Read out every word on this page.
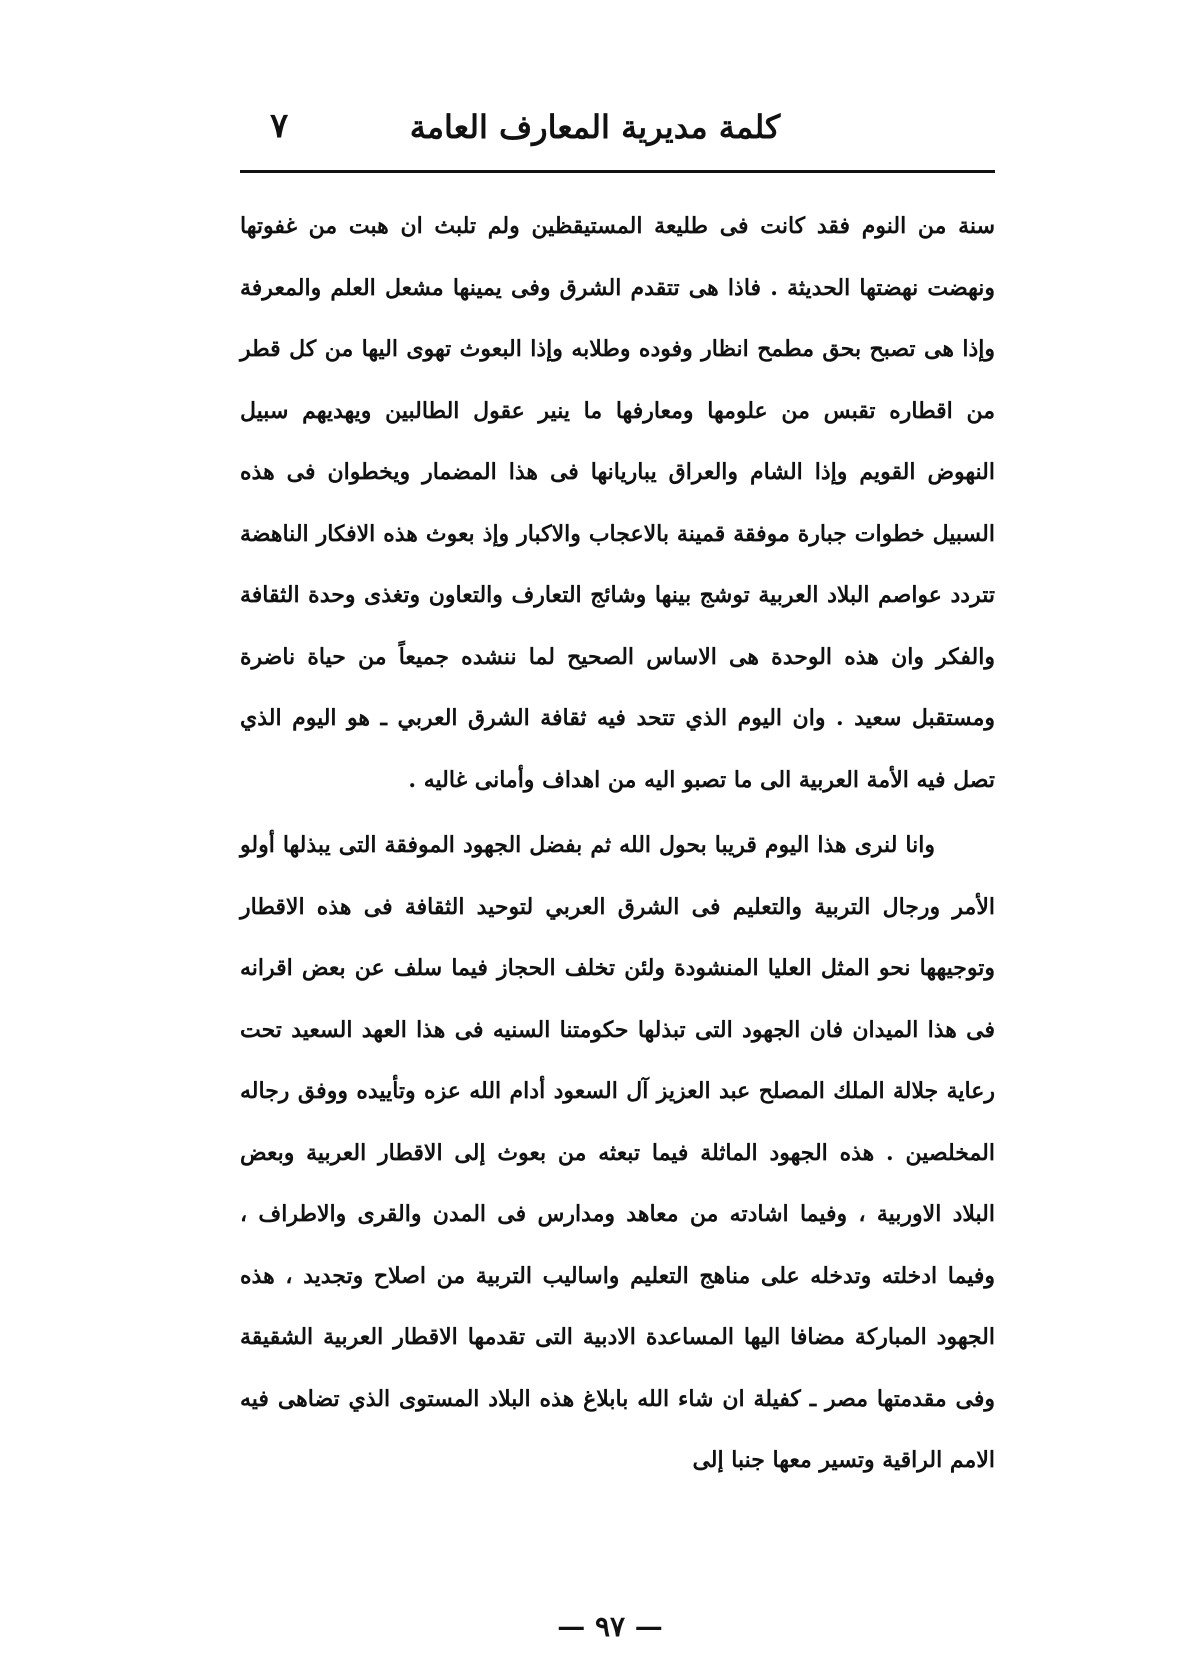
كلمة مديرية المعارف العامة
٧

سنة من النوم فقد كانت فى طليعة المستيقظين ولم تلبث ان هبت من غفوتها ونهضت نهضتها الحديثة . فاذا هى تتقدم الشرق وفى يمينها مشعل العلم والمعرفة وإذا هى تصبح بحق مطمح انظار وفوده وطلابه وإذا البعوث تهوى اليها من كل قطر من اقطاره تقبس من علومها ومعارفها ما ينير عقول الطالبين ويهديهم سبيل النهوض القويم وإذا الشام والعراق يباريانها فى هذا المضمار ويخطوان فى هذه السبيل خطوات جبارة موفقة قمينة بالاعجاب والاكبار وإذ بعوث هذه الافكار الناهضة تتردد عواصم البلاد العربية توشج بينها وشائج التعارف والتعاون وتغذى وحدة الثقافة والفكر وان هذه الوحدة هى الاساس الصحيح لما ننشده جميعاً من حياة ناضرة ومستقبل سعيد . وان اليوم الذي تتحد فيه ثقافة الشرق العربي ـ هو اليوم الذي تصل فيه الأمة العربية الى ما تصبو اليه من اهداف وأمانى غاليه .

وانا لنرى هذا اليوم قريبا بحول الله ثم بفضل الجهود الموفقة التى يبذلها أولو الأمر ورجال التربية والتعليم فى الشرق العربي لتوحيد الثقافة فى هذه الاقطار وتوجيهها نحو المثل العليا المنشودة ولئن تخلف الحجاز فيما سلف عن بعض اقرانه فى هذا الميدان فان الجهود التى تبذلها حكومتنا السنيه فى هذا العهد السعيد تحت رعاية جلالة الملك المصلح عبد العزيز آل السعود أدام الله عزه وتأييده ووفق رجاله المخلصين . هذه الجهود الماثلة فيما تبعثه من بعوث إلى الاقطار العربية وبعض البلاد الاوربية ، وفيما اشادته من معاهد ومدارس فى المدن والقرى والاطراف ، وفيما ادخلته وتدخله على مناهج التعليم واساليب التربية من اصلاح وتجديد ، هذه الجهود المباركة مضافا اليها المساعدة الادبية التى تقدمها الاقطار العربية الشقيقة وفى مقدمتها مصر ـ كفيلة ان شاء الله بابلاغ هذه البلاد المستوى الذي تضاهى فيه الامم الراقية وتسير معها جنبا إلى

— ٩٧ —
